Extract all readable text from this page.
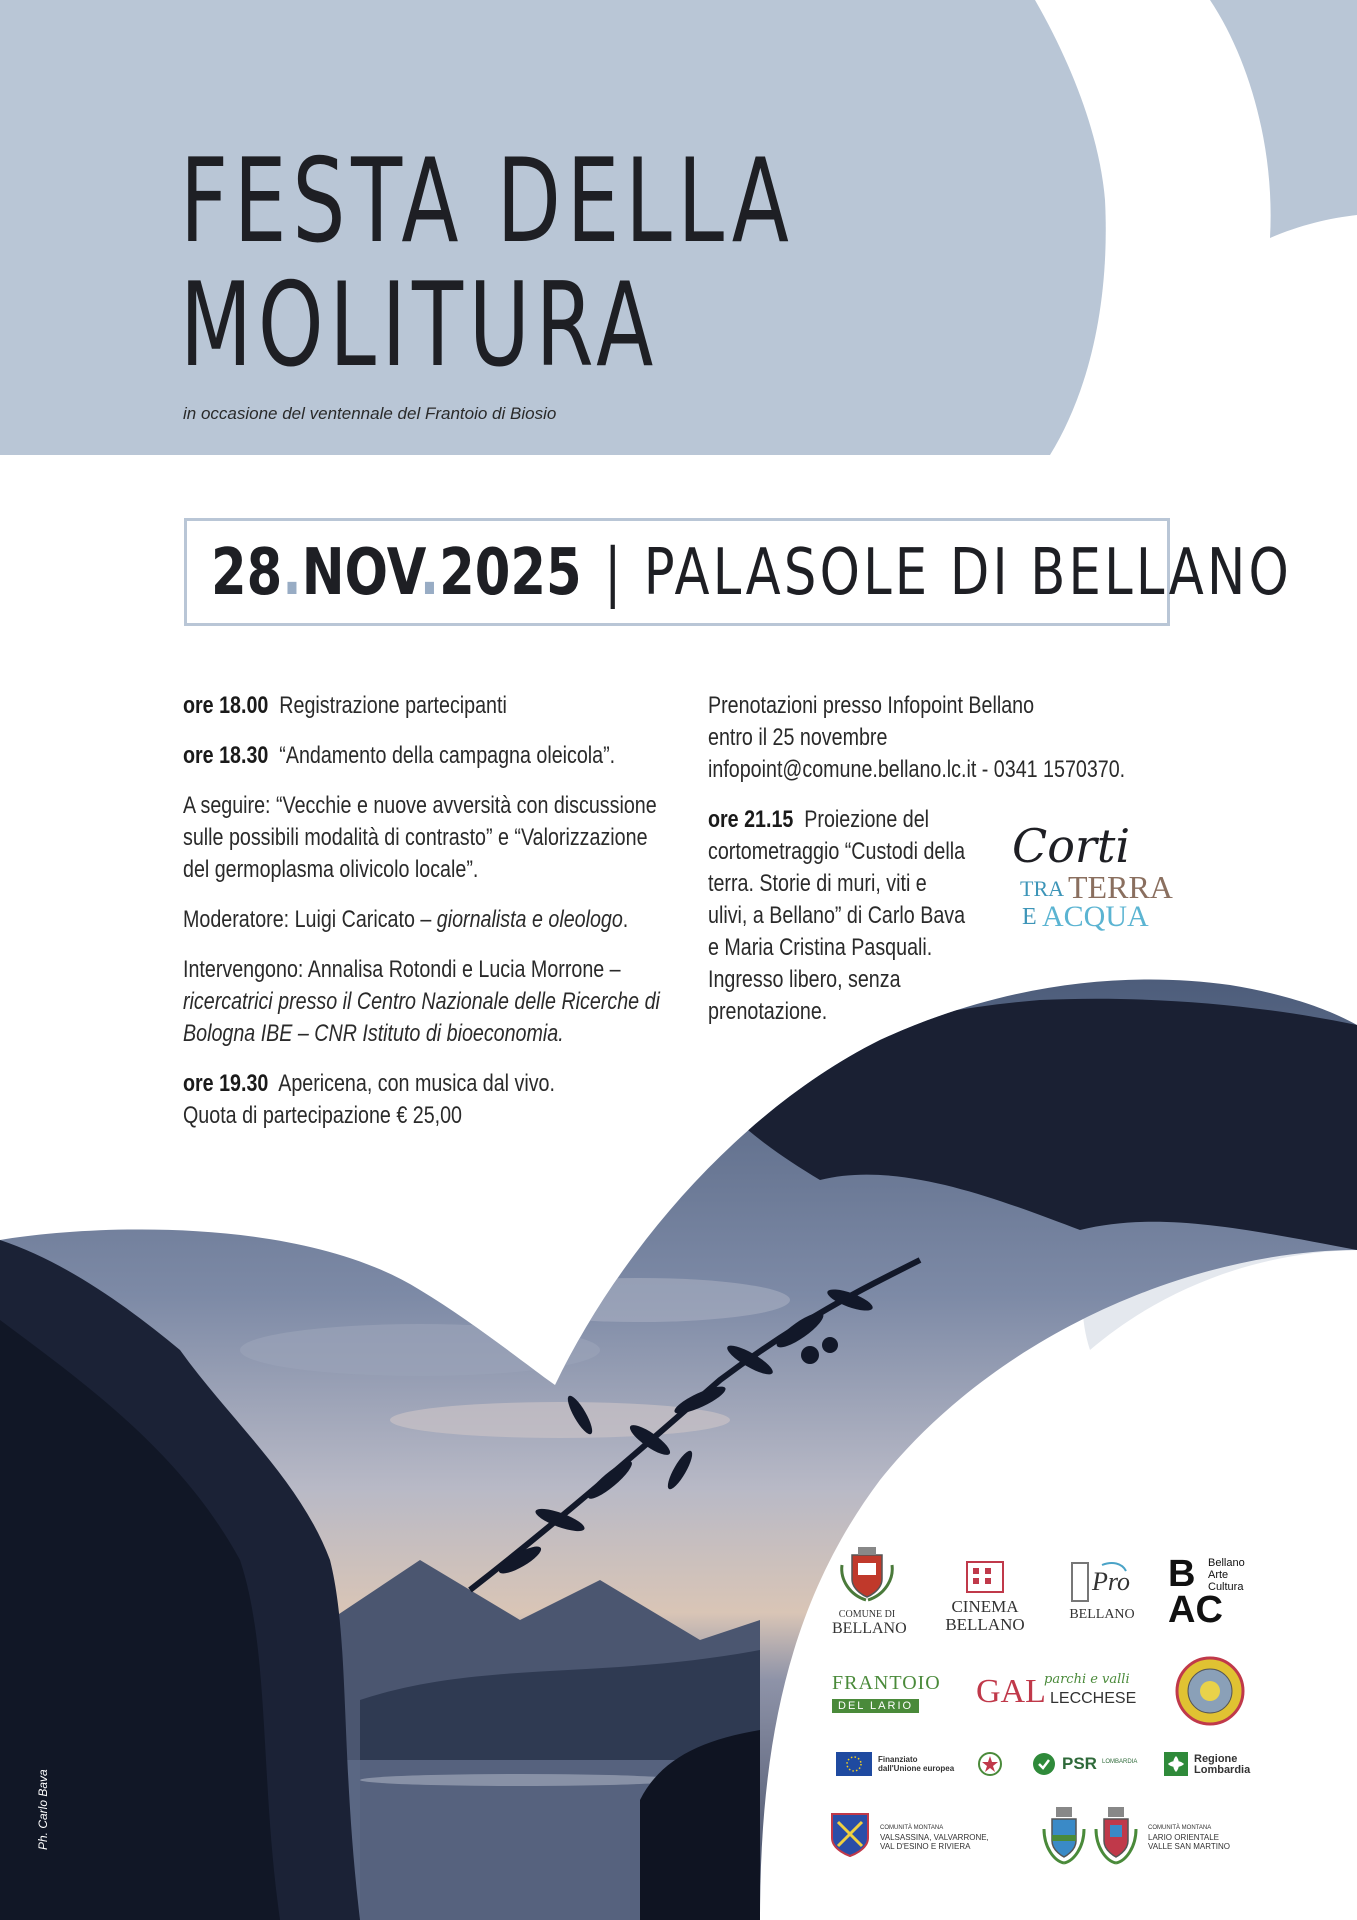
FESTA DELLA
MOLITURA
in occasione del ventennale del Frantoio di Biosio
28.NOV.2025 | PALASOLE DI BELLANO

ore 18.00 Registrazione partecipanti

ore 18.30 “Andamento della campagna oleicola”.

A seguire: “Vecchie e nuove avversità con discussione sulle possibili modalità di contrasto” e “Valorizzazione del germoplasma olivicolo locale”.

Moderatore: Luigi Caricato – giornalista e oleologo.

Intervengono: Annalisa Rotondi e Lucia Morrone – ricercatrici presso il Centro Nazionale delle Ricerche di Bologna IBE – CNR Istituto di bioeconomia.

ore 19.30 Apericena, con musica dal vivo.
Quota di partecipazione € 25,00

Prenotazioni presso Infopoint Bellano
entro il 25 novembre
infopoint@comune.bellano.lc.it - 0341 1570370.

ore 21.15 Proiezione del cortometraggio “Custodi della terra. Storie di muri, viti e ulivi, a Bellano” di Carlo Bava e Maria Cristina Pasquali. Ingresso libero, senza prenotazione.

Corti
TRA TERRA
E ACQUA
Ph. Carlo Bava
COMUNE DI
BELLANO
CINEMA
BELLANO
Pro
BELLANO
B
AC
Bellano
Arte
Cultura
FRANTOIO
DEL LARIO	GAL
parchi e valli
LECCHESE
Finanziato
dall'Unione europea	PSR LOMBARDIA	Regione
Lombardia
COMUNITÀ MONTANA
VALSASSINA, VALVARRONE,
VAL D'ESINO E RIVIERA
COMUNITÀ MONTANA
LARIO ORIENTALE
VALLE SAN MARTINO
